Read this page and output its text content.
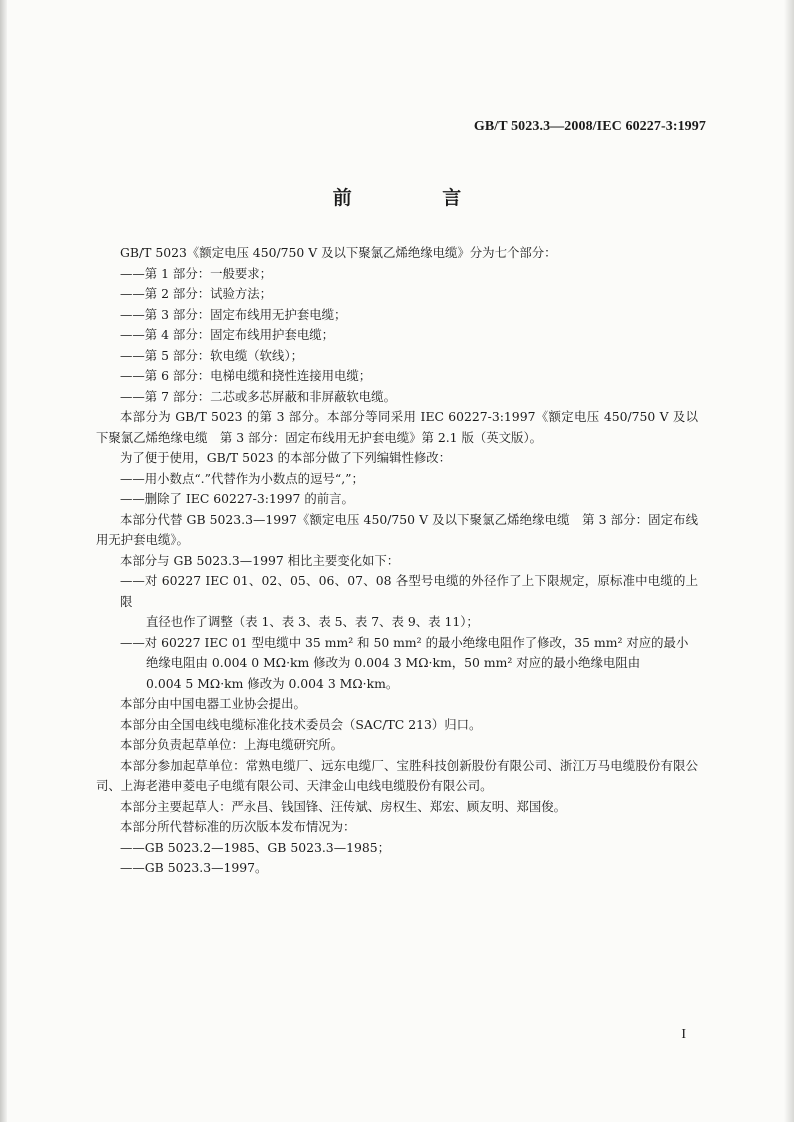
GB/T 5023.3—2008/IEC 60227-3:1997
前 言

GB/T 5023《额定电压 450/750 V 及以下聚氯乙烯绝缘电缆》分为七个部分：

——第 1 部分：一般要求；

——第 2 部分：试验方法；

——第 3 部分：固定布线用无护套电缆；

——第 4 部分：固定布线用护套电缆；

——第 5 部分：软电缆（软线）；

——第 6 部分：电梯电缆和挠性连接用电缆；

——第 7 部分：二芯或多芯屏蔽和非屏蔽软电缆。

本部分为 GB/T 5023 的第 3 部分。本部分等同采用 IEC 60227-3:1997《额定电压 450/750 V 及以下聚氯乙烯绝缘电缆　第 3 部分：固定布线用无护套电缆》第 2.1 版（英文版）。

为了便于使用，GB/T 5023 的本部分做了下列编辑性修改：

——用小数点“.”代替作为小数点的逗号“,”；

——删除了 IEC 60227-3:1997 的前言。

本部分代替 GB 5023.3—1997《额定电压 450/750 V 及以下聚氯乙烯绝缘电缆　第 3 部分：固定布线用无护套电缆》。

本部分与 GB 5023.3—1997 相比主要变化如下：

——对 60227 IEC 01、02、05、06、07、08 各型号电缆的外径作了上下限规定，原标准中电缆的上限

直径也作了调整（表 1、表 3、表 5、表 7、表 9、表 11）；

——对 60227 IEC 01 型电缆中 35 mm² 和 50 mm² 的最小绝缘电阻作了修改，35 mm² 对应的最小

绝缘电阻由 0.004 0 MΩ·km 修改为 0.004 3 MΩ·km，50 mm² 对应的最小绝缘电阻由

0.004 5 MΩ·km 修改为 0.004 3 MΩ·km。

本部分由中国电器工业协会提出。

本部分由全国电线电缆标准化技术委员会（SAC/TC 213）归口。

本部分负责起草单位：上海电缆研究所。

本部分参加起草单位：常熟电缆厂、远东电缆厂、宝胜科技创新股份有限公司、浙江万马电缆股份有限公司、上海老港申菱电子电缆有限公司、天津金山电线电缆股份有限公司。

本部分主要起草人：严永昌、钱国锋、汪传斌、房权生、郑宏、顾友明、郑国俊。

本部分所代替标准的历次版本发布情况为：

——GB 5023.2—1985、GB 5023.3—1985；

——GB 5023.3—1997。

I
